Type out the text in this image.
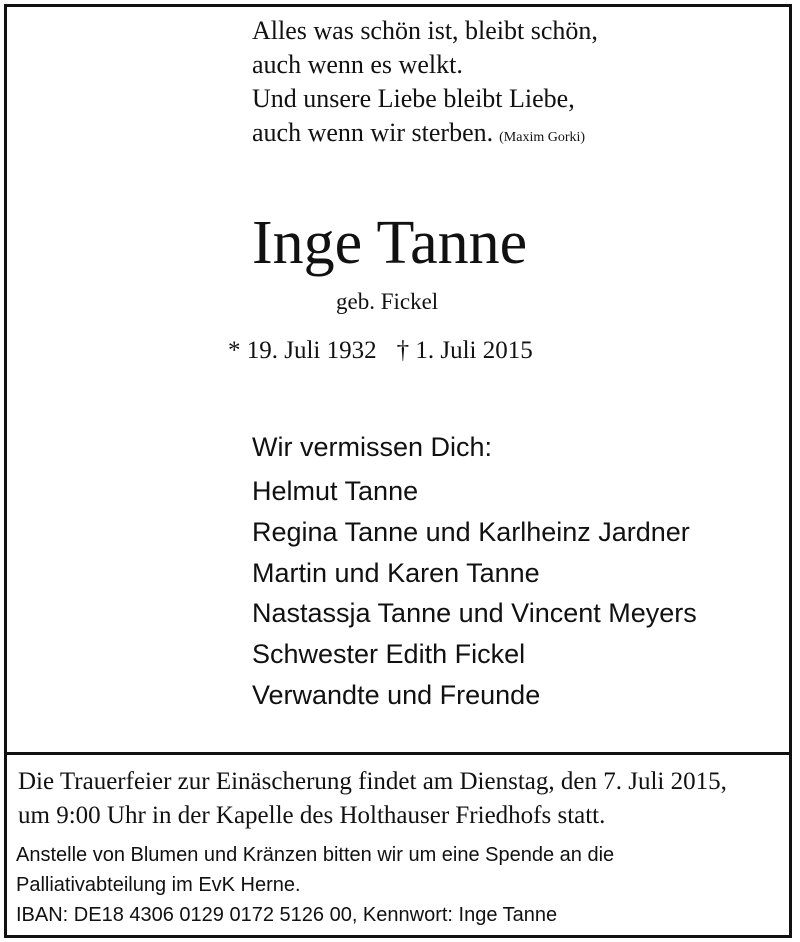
Alles was schön ist, bleibt schön,
auch wenn es welkt.
Und unsere Liebe bleibt Liebe,
auch wenn wir sterben. (Maxim Gorki)
Inge Tanne
geb. Fickel
* 19. Juli 1932 † 1. Juli 2015
Wir vermissen Dich:
Helmut Tanne
Regina Tanne und Karlheinz Jardner
Martin und Karen Tanne
Nastassja Tanne und Vincent Meyers
Schwester Edith Fickel
Verwandte und Freunde
Die Trauerfeier zur Einäscherung findet am Dienstag, den 7. Juli 2015,
um 9:00 Uhr in der Kapelle des Holthauser Friedhofs statt.
Anstelle von Blumen und Kränzen bitten wir um eine Spende an die
Palliativabteilung im EvK Herne.
IBAN: DE18 4306 0129 0172 5126 00, Kennwort: Inge Tanne
